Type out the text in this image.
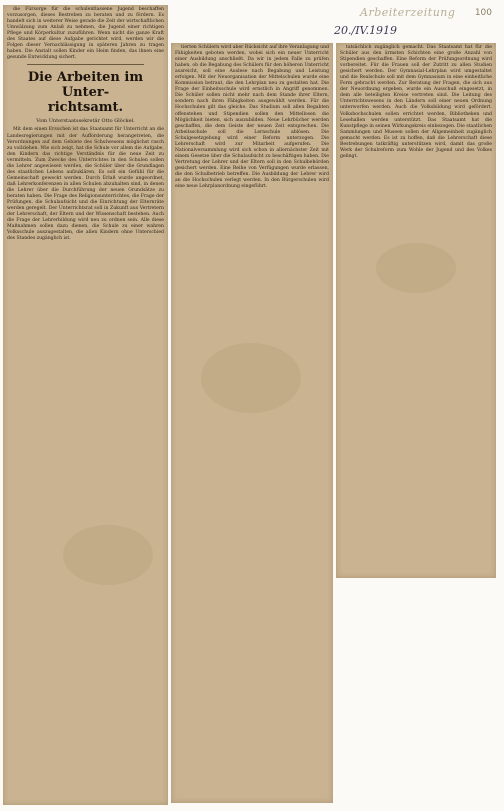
Arbeiterzeitung 100
20./IV.1919

die Fürsorge für die schulentlassene Jugend beschaffen vorzusorgen, dieses Bestreben zu beraten und zu fördern. Es handelt sich in weiterer Weise gerade die Zeit der wirtschaftlichen Umwälzung zum Anlaß zu nehmen, die Jugend einer richtigen Pflege und Körperkultur zuzuführen. Wenn nicht die ganze Kraft des Staates auf diese Aufgabe gerichtet wird, werden wir die Folgen dieser Vernachlässigung in späteren Jahren zu tragen haben. Die Anstalt sollen Kinder ein Heim finden, das ihnen eine gesunde Entwicklung sichert.

Die Arbeiten im Unter-
richtsamt.
Vom Unterstaatssekretär Otto Glöckel.

Mit dem einen Ersuchen ist das Staatsamt für Unterricht an die Landesregierungen mit der Aufforderung herangetreten, die Verordnungen auf dem Gebiete des Schulwesens möglichst rasch zu vollziehen. Wie sich zeigt, hat die Schule vor allem die Aufgabe, den Kindern das richtige Verständnis für die neue Zeit zu vermitteln. Zum Zwecke des Unterrichtes in den Schulen sollen die Lehrer angewiesen werden, die Schüler über die Grundlagen des staatlichen Lebens aufzuklären. Es soll ein Gefühl für die Gemeinschaft geweckt werden. Durch Erlaß wurde angeordnet, daß Lehrerkonferenzen in allen Schulen abzuhalten sind, in denen die Lehrer über die Durchführung der neuen Grundsätze zu beraten haben. Die Frage des Religionsunterrichtes, die Frage der Prüfungen, die Schulaufsicht und die Einrichtung der Elternräte werden geregelt. Der Unterrichtsrat soll in Zukunft aus Vertretern der Lehrerschaft, der Eltern und der Wissenschaft bestehen. Auch die Frage der Lehrerbildung wird neu zu ordnen sein. Alle diese Maßnahmen sollen dazu dienen, die Schule zu einer wahren Volksschule auszugestalten, die allen Kindern ohne Unterschied des Standes zugänglich ist.

tierten Schülern wird aber Rücksicht auf ihre Veranlagung und Fähigkeiten geboten werden, wobei sich ein neuer Unterricht einer Ausbildung anschließt. Da wir in jedem Falle zu prüfen haben, ob die Begabung des Schülers für den höheren Unterricht ausreicht, soll eine Auslese nach Begabung und Leistung erfolgen. Mit der Neuorganisation der Mittelschulen wurde eine Kommission betraut, die den Lehrplan neu zu gestalten hat. Die Frage der Einheitsschule wird ernstlich in Angriff genommen. Die Schüler sollen nicht mehr nach dem Stande ihrer Eltern, sondern nach ihren Fähigkeiten ausgewählt werden. Für die Hochschulen gilt das gleiche. Das Studium soll allen Begabten offenstehen und Stipendien sollen den Mittellosen die Möglichkeit bieten, sich auszubilden. Neue Lehrbücher werden geschaffen, die dem Geiste der neuen Zeit entsprechen. Die Arbeitsschule soll die Lernschule ablösen. Die Schulgesetzgebung wird einer Reform unterzogen. Die Lehrerschaft wird zur Mitarbeit aufgerufen. Die Nationalversammlung wird sich schon in allernächster Zeit mit einem Gesetze über die Schulaufsicht zu beschäftigen haben. Die Vertretung der Lehrer und der Eltern soll in den Schulbehörden gesichert werden. Eine Reihe von Verfügungen wurde erlassen, die den Schulbetrieb betreffen. Die Ausbildung der Lehrer wird an die Hochschulen verlegt werden. In den Bürgerschulen wird eine neue Lehrplanordnung eingeführt.

tatsächlich zugänglich gemacht. Das Staatsamt hat für die Schüler aus den ärmsten Schichten eine große Anzahl von Stipendien geschaffen. Eine Reform der Prüfungsordnung wird vorbereitet. Für die Frauen soll der Zutritt zu allen Studien gesichert werden. Der Gymnasial-Lehrplan wird umgestaltet und die Realschule soll mit dem Gymnasium in eine einheitliche Form gebracht werden. Zur Beratung der Fragen, die sich aus der Neuordnung ergeben, wurde ein Ausschuß eingesetzt, in dem alle beteiligten Kreise vertreten sind. Die Leitung des Unterrichtswesens in den Ländern soll einer neuen Ordnung unterworfen werden. Auch die Volksbildung wird gefördert. Volkshochschulen sollen errichtet werden, Bibliotheken und Lesehallen werden unterstützt. Das Staatsamt hat die Kunstpflege in seinen Wirkungskreis einbezogen. Die staatlichen Sammlungen und Museen sollen der Allgemeinheit zugänglich gemacht werden. Es ist zu hoffen, daß die Lehrerschaft diese Bestrebungen tatkräftig unterstützen wird, damit das große Werk der Schulreform zum Wohle der Jugend und des Volkes gelingt.
